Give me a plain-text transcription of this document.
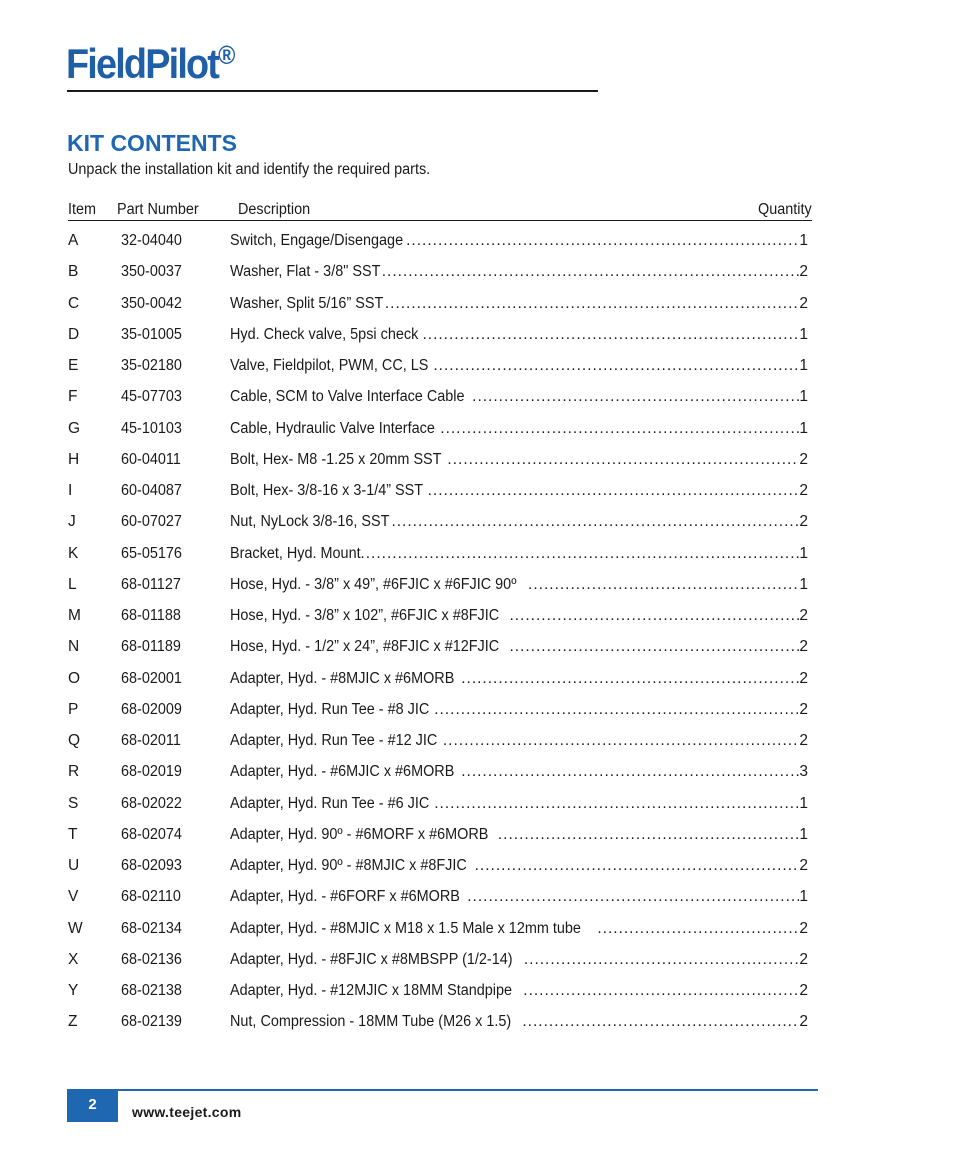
FieldPilot®
KIT CONTENTS
Unpack the installation kit and identify the required parts.
Item Part Number	Description	Quantity
A	32-04040	Switch, Engage/Disengage .....	1
B	350-0037	Washer, Flat - 3/8" SST .....	2
C	350-0042	Washer, Split 5/16” SST .....	2
D	35-01005	Hyd. Check valve, 5psi check .....	1
E	35-02180	Valve, Fieldpilot, PWM, CC, LS .....	1
F	45-07703	Cable, SCM to Valve Interface Cable .....	1
G	45-10103	Cable, Hydraulic Valve Interface .....	1
H	60-04011	Bolt, Hex- M8 -1.25 x 20mm SST .....	2
I	60-04087	Bolt, Hex- 3/8-16 x 3-1/4” SST .....	2
J	60-07027	Nut, NyLock 3/8-16, SST .....	2
K	65-05176	Bracket, Hyd. Mount .....	1
L	68-01127	Hose, Hyd. - 3/8” x 49”, #6FJIC x #6FJIC 90º .....	1
M	68-01188	Hose, Hyd. - 3/8” x 102”, #6FJIC x #8FJIC .....	2
N	68-01189	Hose, Hyd. - 1/2” x 24”, #8FJIC x #12FJIC .....	2
O	68-02001	Adapter, Hyd. - #8MJIC x #6MORB .....	2
P	68-02009	Adapter, Hyd. Run Tee - #8 JIC .....	2
Q	68-02011	Adapter, Hyd. Run Tee - #12 JIC .....	2
R	68-02019	Adapter, Hyd. - #6MJIC x #6MORB .....	3
S	68-02022	Adapter, Hyd. Run Tee - #6 JIC .....	1
T	68-02074	Adapter, Hyd. 90º - #6MORF x #6MORB .....	1
U	68-02093	Adapter, Hyd. 90º - #8MJIC x #8FJIC .....	2
V	68-02110	Adapter, Hyd. - #6FORF x #6MORB .....	1
W 68-02134	Adapter, Hyd. - #8MJIC x M18 x 1.5 Male x 12mm tube .....	2
X	68-02136	Adapter, Hyd. - #8FJIC x #8MBSPP (1/2-14) .....	2
Y	68-02138	Adapter, Hyd. - #12MJIC x 18MM Standpipe .....	2
Z	68-02139	Nut, Compression - 18MM Tube (M26 x 1.5) .....	2
2	www.teejet.com
